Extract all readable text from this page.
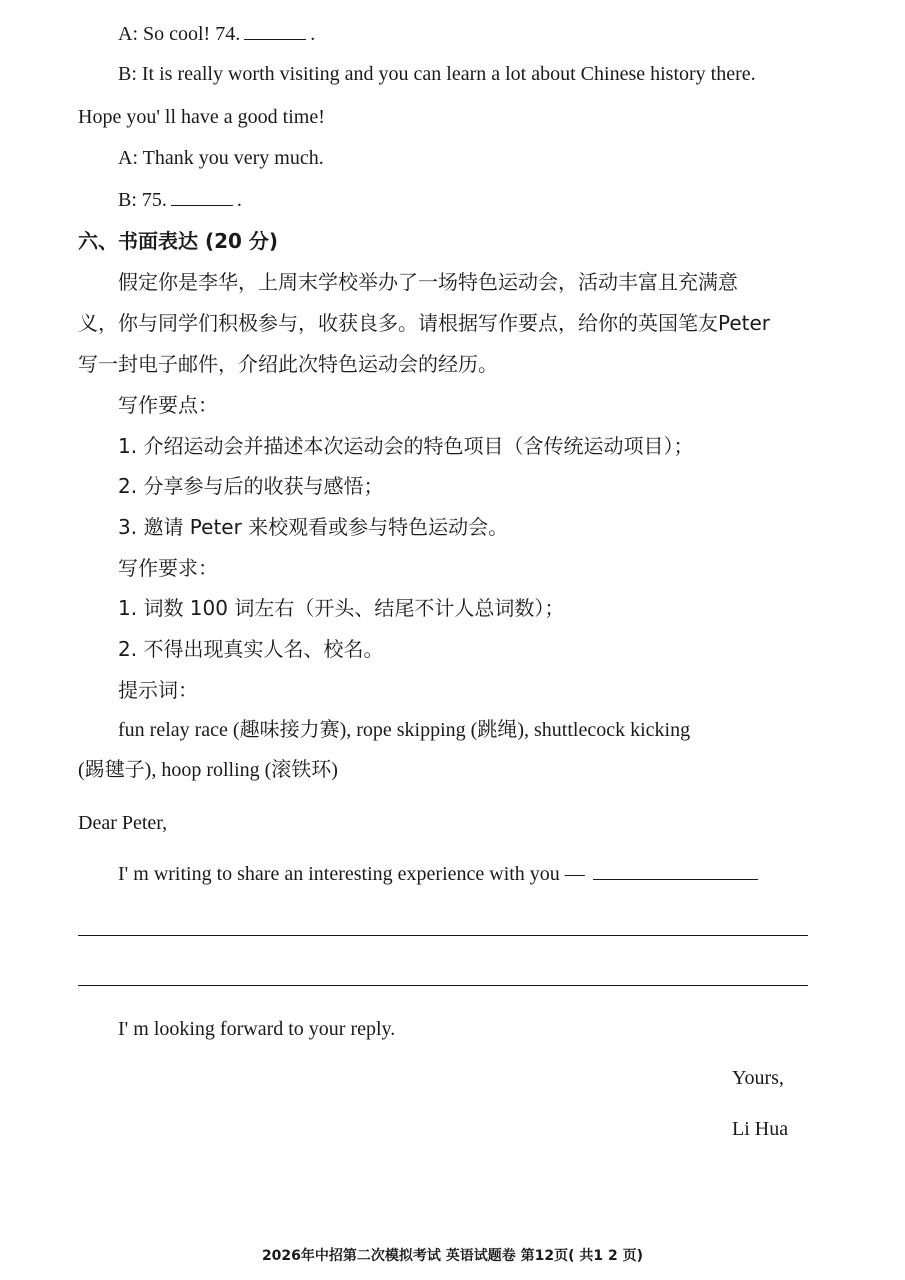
A: So cool! 74.	.
B: It is really worth visiting and you can learn a lot about Chinese history there.
Hope you' ll have a good time!
A: Thank you very much.
B: 75.	.
六、书面表达 (20 分)
假定你是李华，上周末学校举办了一场特色运动会，活动丰富且充满意
义，你与同学们积极参与，收获良多。请根据写作要点，给你的英国笔友Peter
写一封电子邮件，介绍此次特色运动会的经历。
写作要点：
1. 介绍运动会并描述本次运动会的特色项目（含传统运动项目）；
2. 分享参与后的收获与感悟；
3. 邀请 Peter 来校观看或参与特色运动会。
写作要求：
1. 词数 100 词左右（开头、结尾不计人总词数）；
2. 不得出现真实人名、校名。
提示词：
fun relay race (趣味接力赛), rope skipping (跳绳), shuttlecock kicking
(踢毽子), hoop rolling (滚铁环)
Dear Peter,
I' m writing to share an interesting experience with you —
I' m looking forward to your reply.
Yours,
Li Hua
2026年中招第二次模拟考试 英语试题卷 第12页( 共1 2 页)
